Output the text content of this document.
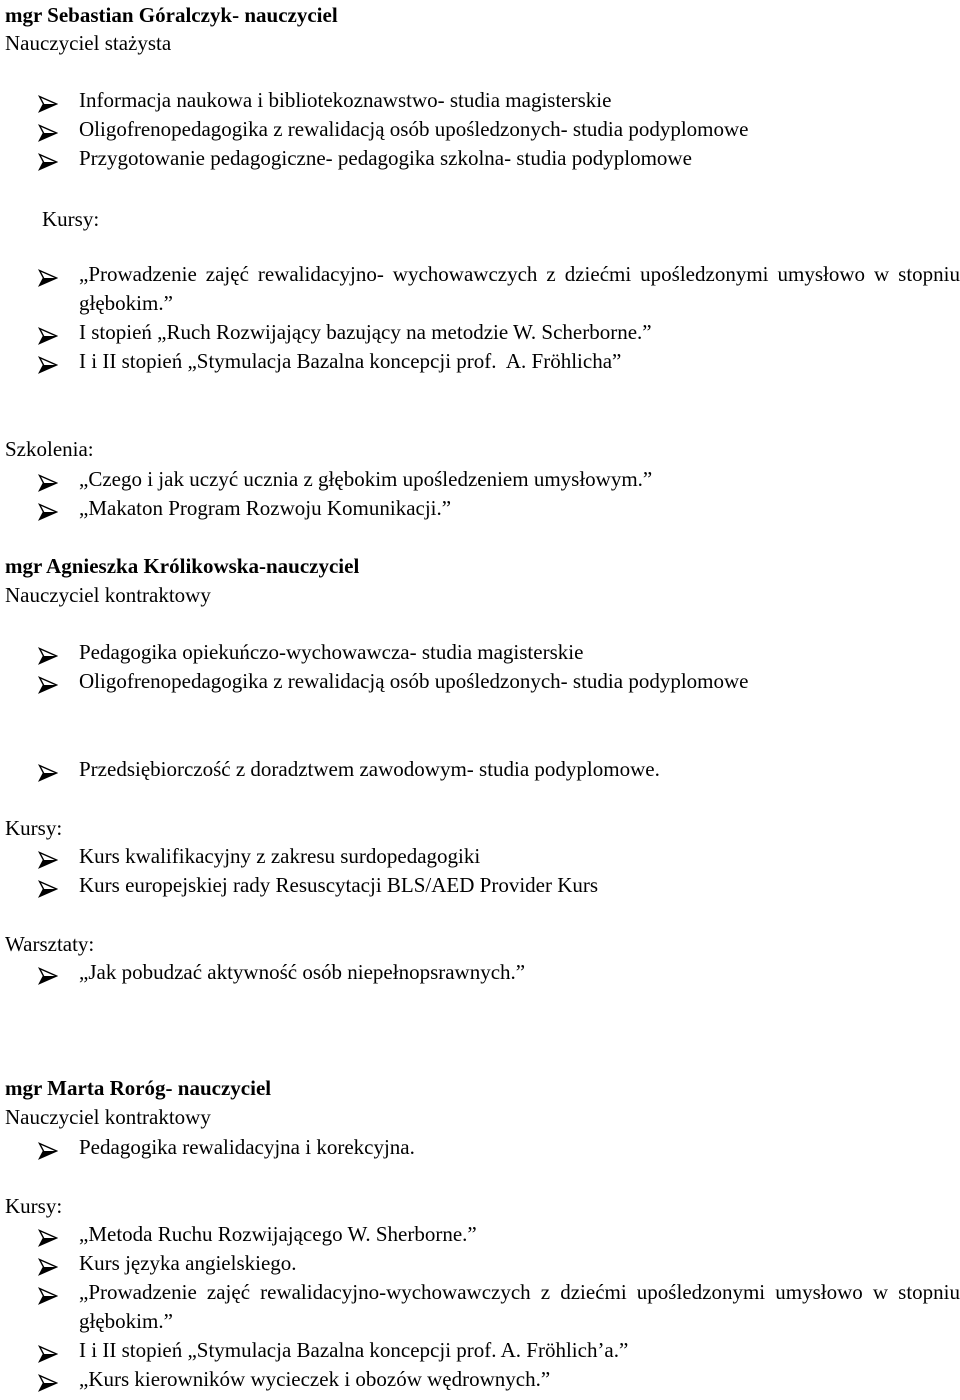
mgr Sebastian Góralczyk- nauczyciel
Nauczyciel stażysta
Informacja naukowa i bibliotekoznawstwo- studia magisterskie
Oligofrenopedagogika z rewalidacją osób upośledzonych- studia podyplomowe
Przygotowanie pedagogiczne- pedagogika szkolna- studia podyplomowe
Kursy:
„Prowadzenie zajęć rewalidacyjno- wychowawczych z dziećmi upośledzonymi umysłowo w stopniu głębokim.”
I stopień „Ruch Rozwijający bazujący na metodzie W. Scherborne.”
I i II stopień „Stymulacja Bazalna koncepcji prof.  A. Fröhlicha”
Szkolenia:
„Czego i jak uczyć ucznia z głębokim upośledzeniem umysłowym.”
„Makaton Program Rozwoju Komunikacji.”
mgr Agnieszka Królikowska-nauczyciel
Nauczyciel kontraktowy
Pedagogika opiekuńczo-wychowawcza- studia magisterskie
Oligofrenopedagogika z rewalidacją osób upośledzonych- studia podyplomowe
Przedsiębiorczość z doradztwem zawodowym- studia podyplomowe.
Kursy:
Kurs kwalifikacyjny z zakresu surdopedagogiki
Kurs europejskiej rady Resuscytacji BLS/AED Provider Kurs
Warsztaty:
„Jak pobudzać aktywność osób niepełnopsrawnych.”
mgr Marta Roróg- nauczyciel
Nauczyciel kontraktowy
Pedagogika rewalidacyjna i korekcyjna.
Kursy:
„Metoda Ruchu Rozwijającego W. Sherborne.”
Kurs języka angielskiego.
„Prowadzenie zajęć rewalidacyjno-wychowawczych z dziećmi upośledzonymi umysłowo w stopniu głębokim.”
I i II stopień „Stymulacja Bazalna koncepcji prof. A. Fröhlich’a.”
„Kurs kierowników wycieczek i obozów wędrownych.”
